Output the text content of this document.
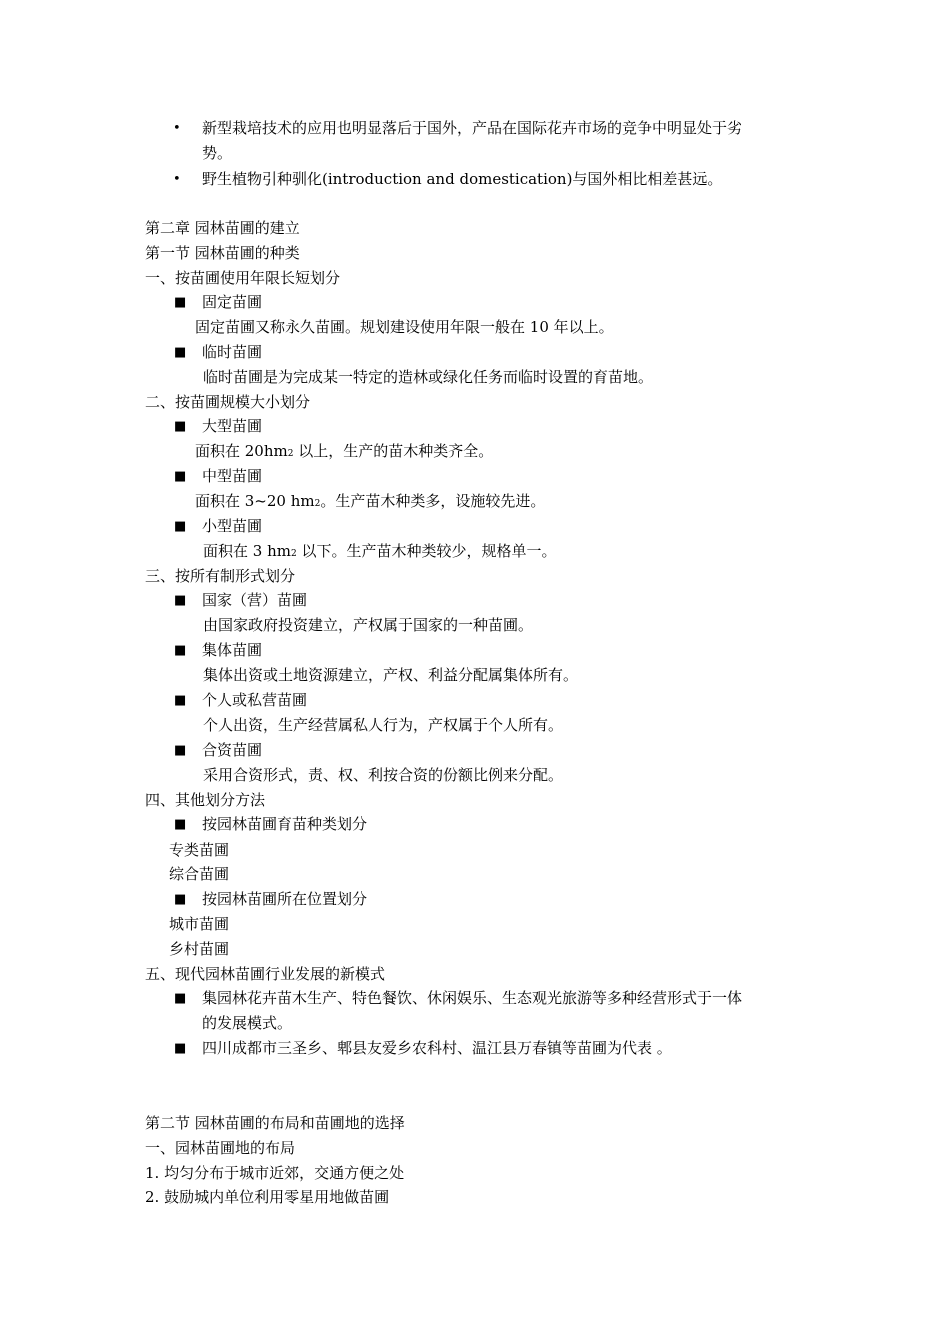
• 新型栽培技术的应用也明显落后于国外，产品在国际花卉市场的竞争中明显处于劣
势。
• 野生植物引种驯化(introduction and domestication)与国外相比相差甚远。
第二章 园林苗圃的建立
第一节 园林苗圃的种类
一、按苗圃使用年限长短划分
■ 固定苗圃
固定苗圃又称永久苗圃。规划建设使用年限一般在 10 年以上。
■ 临时苗圃
临时苗圃是为完成某一特定的造林或绿化任务而临时设置的育苗地。
二、按苗圃规模大小划分
■ 大型苗圃
面积在 20hm2 以上，生产的苗木种类齐全。
■ 中型苗圃
面积在 3~20 hm2。生产苗木种类多，设施较先进。
■ 小型苗圃
面积在 3 hm2 以下。生产苗木种类较少，规格单一。
三、按所有制形式划分
■ 国家（营）苗圃
由国家政府投资建立，产权属于国家的一种苗圃。
■ 集体苗圃
集体出资或土地资源建立，产权、利益分配属集体所有。
■ 个人或私营苗圃
个人出资，生产经营属私人行为，产权属于个人所有。
■ 合资苗圃
采用合资形式，责、权、利按合资的份额比例来分配。
四、其他划分方法
■ 按园林苗圃育苗种类划分
专类苗圃
综合苗圃
■ 按园林苗圃所在位置划分
城市苗圃
乡村苗圃
五、现代园林苗圃行业发展的新模式
■ 集园林花卉苗木生产、特色餐饮、休闲娱乐、生态观光旅游等多种经营形式于一体
的发展模式。
■ 四川成都市三圣乡、郫县友爱乡农科村、温江县万春镇等苗圃为代表 。
第二节 园林苗圃的布局和苗圃地的选择
一、园林苗圃地的布局
1. 均匀分布于城市近郊，交通方便之处
2. 鼓励城内单位利用零星用地做苗圃
